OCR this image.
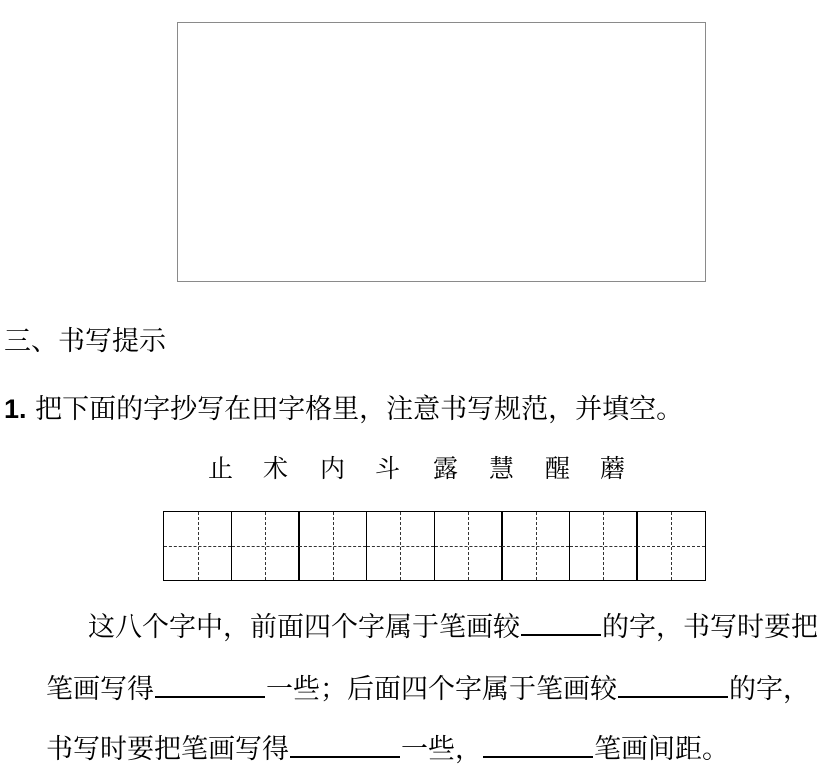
三、书写提示
1. 把下面的字抄写在田字格里，注意书写规范，并填空。
止 术 内 斗 露 慧 醒 蘑
这八个字中，前面四个字属于笔画较	的字，书写时要把
笔画写得	一些；后面四个字属于笔画较	的字，
书写时要把笔画写得	一些，	笔画间距。
